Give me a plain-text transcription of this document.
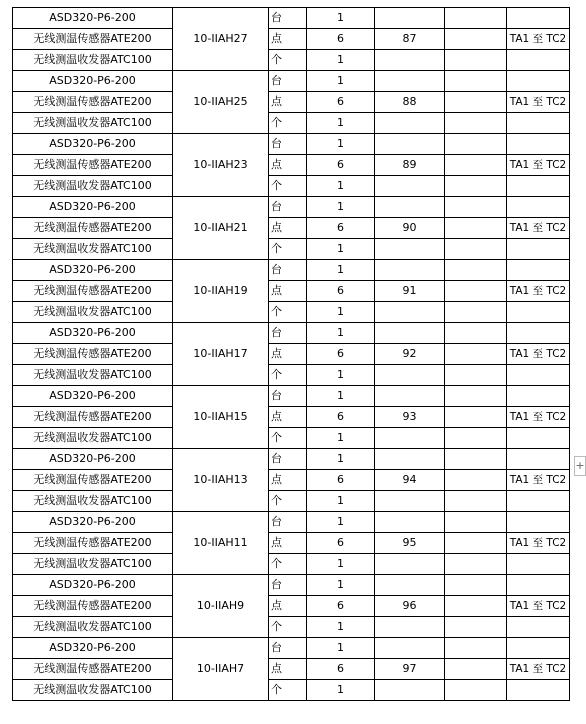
ASD320-P6-200	10-IIAH27	台	1			
无线测温传感器ATE200		点	6	87		TA1 至 TC2
无线测温收发器ATC100		个	1			
ASD320-P6-200	10-IIAH25	台	1			
无线测温传感器ATE200		点	6	88		TA1 至 TC2
无线测温收发器ATC100		个	1			
ASD320-P6-200	10-IIAH23	台	1			
无线测温传感器ATE200		点	6	89		TA1 至 TC2
无线测温收发器ATC100		个	1			
ASD320-P6-200	10-IIAH21	台	1			
无线测温传感器ATE200		点	6	90		TA1 至 TC2
无线测温收发器ATC100		个	1			
ASD320-P6-200	10-IIAH19	台	1			
无线测温传感器ATE200		点	6	91		TA1 至 TC2
无线测温收发器ATC100		个	1			
ASD320-P6-200	10-IIAH17	台	1			
无线测温传感器ATE200		点	6	92		TA1 至 TC2
无线测温收发器ATC100		个	1			
ASD320-P6-200	10-IIAH15	台	1			
无线测温传感器ATE200		点	6	93		TA1 至 TC2
无线测温收发器ATC100		个	1			
ASD320-P6-200	10-IIAH13	台	1			
无线测温传感器ATE200		点	6	94		TA1 至 TC2
无线测温收发器ATC100		个	1			
ASD320-P6-200	10-IIAH11	台	1			
无线测温传感器ATE200		点	6	95		TA1 至 TC2
无线测温收发器ATC100		个	1			
ASD320-P6-200	10-IIAH9	台	1			
无线测温传感器ATE200		点	6	96		TA1 至 TC2
无线测温收发器ATC100		个	1			
ASD320-P6-200	10-IIAH7	台	1			
无线测温传感器ATE200		点	6	97		TA1 至 TC2
无线测温收发器ATC100		个	1			
+
